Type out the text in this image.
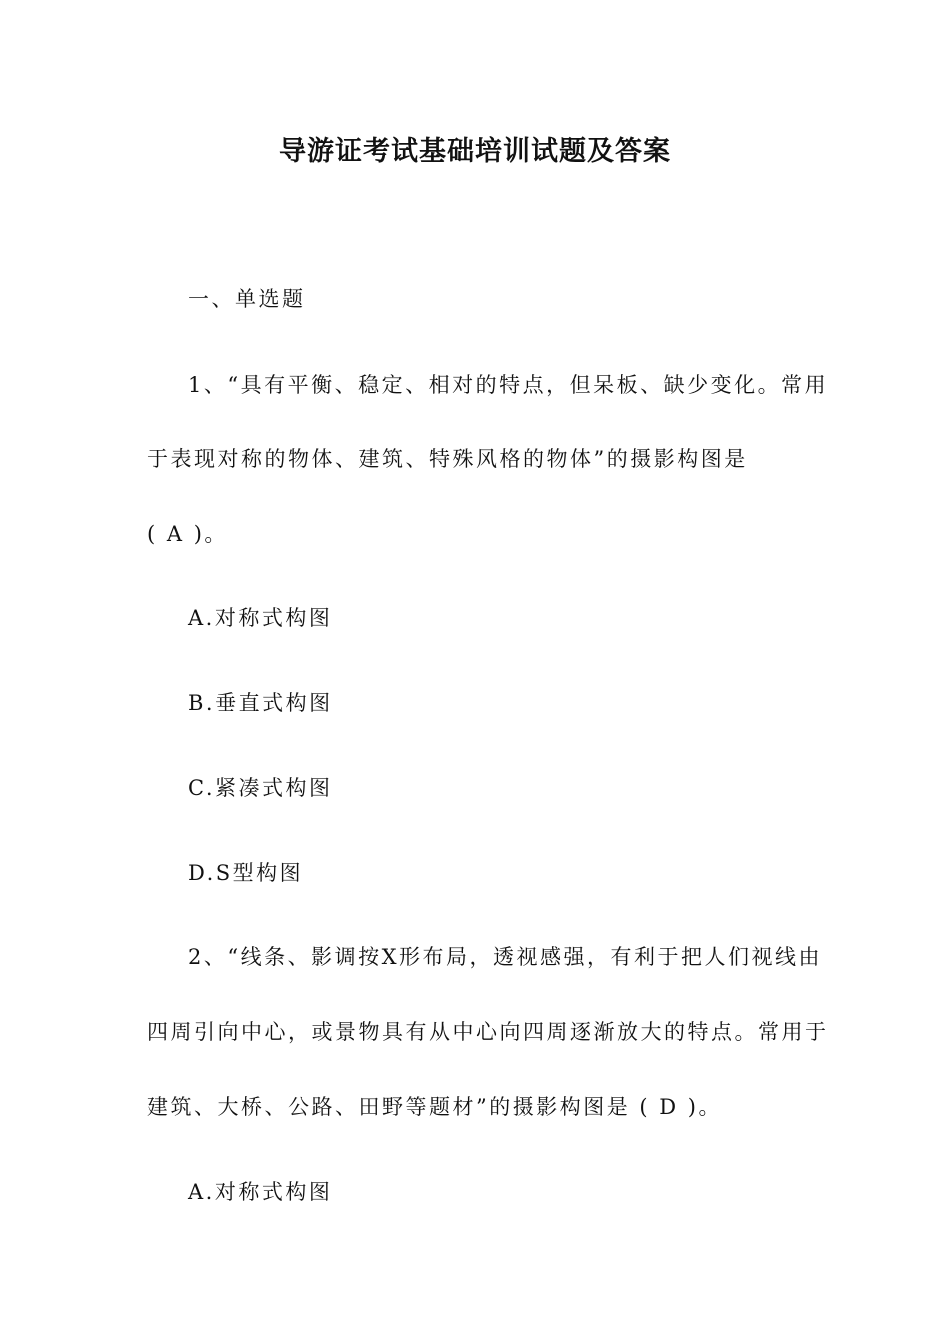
导游证考试基础培训试题及答案
一、单选题
1、“具有平衡、稳定、相对的特点，但呆板、缺少变化。常用
于表现对称的物体、建筑、特殊风格的物体”的摄影构图是
( A )。
A.对称式构图
B.垂直式构图
C.紧凑式构图
D.S型构图
2、“线条、影调按X形布局，透视感强，有利于把人们视线由
四周引向中心，或景物具有从中心向四周逐渐放大的特点。常用于
建筑、大桥、公路、田野等题材”的摄影构图是 ( D )。
A.对称式构图
